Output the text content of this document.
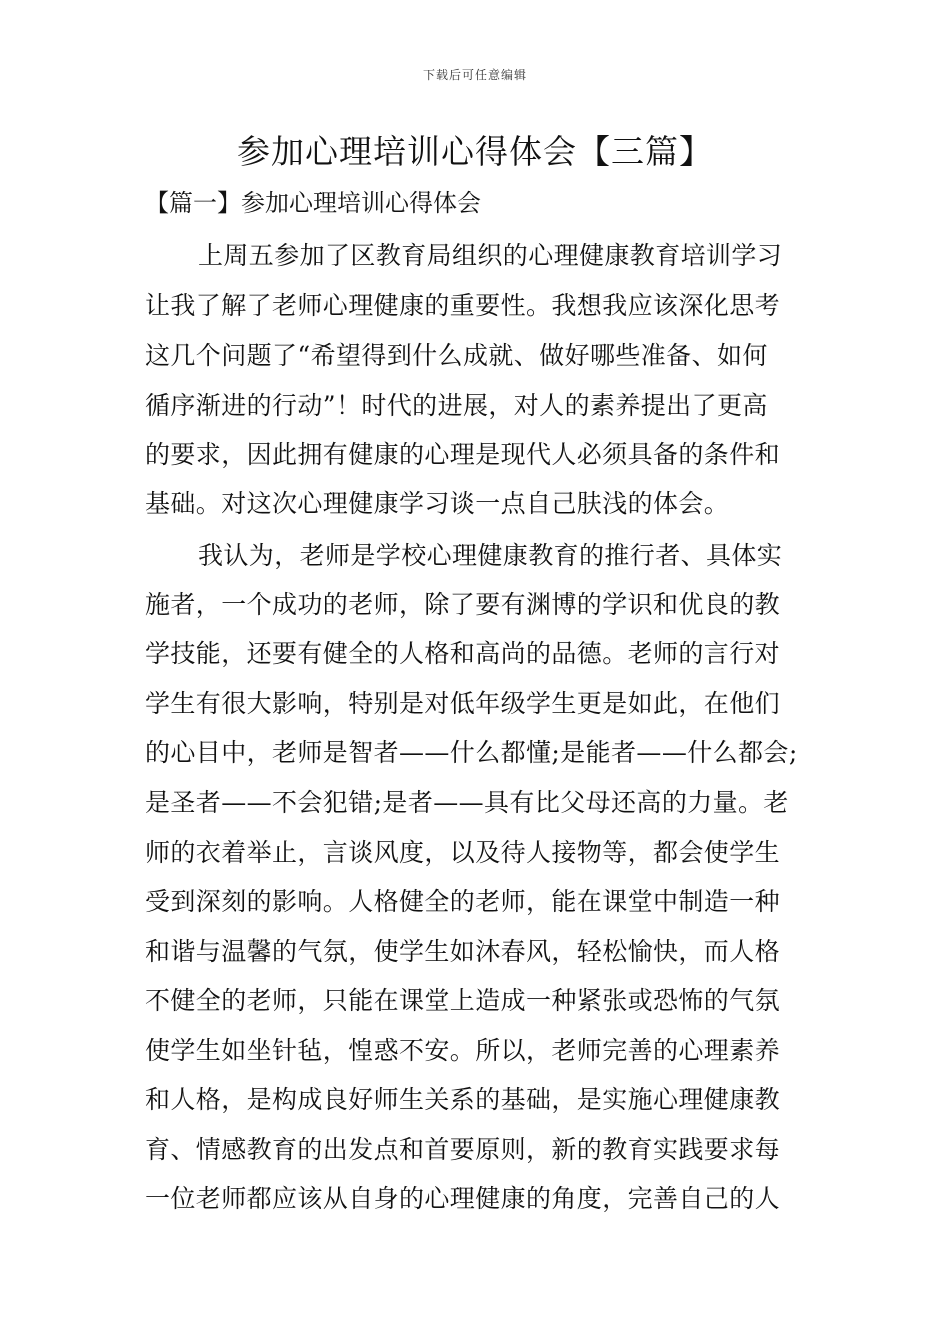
下载后可任意编辑
参加心理培训心得体会【三篇】
【篇一】参加心理培训心得体会
上周五参加了区教育局组织的心理健康教育培训学习
让我了解了老师心理健康的重要性。我想我应该深化思考
这几个问题了“希望得到什么成就、做好哪些准备、如何
循序渐进的行动”！时代的进展，对人的素养提出了更高
的要求，因此拥有健康的心理是现代人必须具备的条件和
基础。对这次心理健康学习谈一点自己肤浅的体会。
我认为，老师是学校心理健康教育的推行者、具体实
施者，一个成功的老师，除了要有渊博的学识和优良的教
学技能，还要有健全的人格和高尚的品德。老师的言行对
学生有很大影响，特别是对低年级学生更是如此，在他们
的心目中，老师是智者——什么都懂;是能者——什么都会;
是圣者——不会犯错;是者——具有比父母还高的力量。老
师的衣着举止，言谈风度，以及待人接物等，都会使学生
受到深刻的影响。人格健全的老师，能在课堂中制造一种
和谐与温馨的气氛，使学生如沐春风，轻松愉快，而人格
不健全的老师，只能在课堂上造成一种紧张或恐怖的气氛
使学生如坐针毡，惶惑不安。所以，老师完善的心理素养
和人格，是构成良好师生关系的基础，是实施心理健康教
育、情感教育的出发点和首要原则，新的教育实践要求每
一位老师都应该从自身的心理健康的角度，完善自己的人
